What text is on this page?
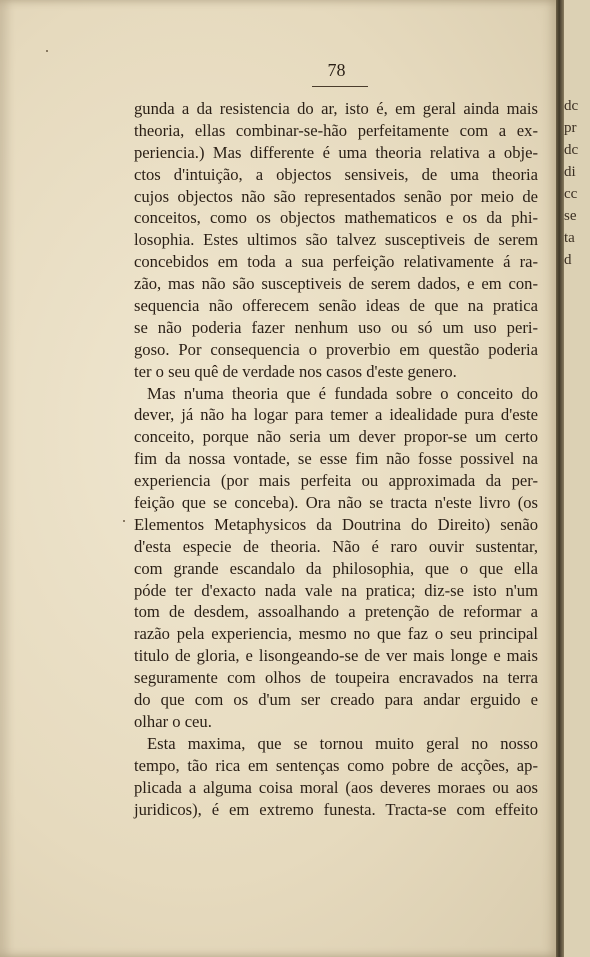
78
gunda a da resistencia do ar, isto é, em geral ainda mais
theoria, ellas combinar-se-hão perfeitamente com a ex-
periencia.) Mas differente é uma theoria relativa a obje-
ctos d'intuição, a objectos sensiveis, de uma theoria
cujos objectos não são representados senão por meio de
conceitos, como os objectos mathematicos e os da phi-
losophia. Estes ultimos são talvez susceptiveis de serem
concebidos em toda a sua perfeição relativamente á ra-
zão, mas não são susceptiveis de serem dados, e em con-
sequencia não offerecem senão ideas de que na pratica
se não poderia fazer nenhum uso ou só um uso peri-
goso. Por consequencia o proverbio em questão poderia
ter o seu quê de verdade nos casos d'este genero.
Mas n'uma theoria que é fundada sobre o conceito do
dever, já não ha logar para temer a idealidade pura d'este
conceito, porque não seria um dever propor-se um certo
fim da nossa vontade, se esse fim não fosse possivel na
experiencia (por mais perfeita ou approximada da per-
feição que se conceba). Ora não se tracta n'este livro (os
Elementos Metaphysicos da Doutrina do Direito) senão
d'esta especie de theoria. Não é raro ouvir sustentar,
com grande escandalo da philosophia, que o que ella
póde ter d'exacto nada vale na pratica; diz-se isto n'um
tom de desdem, assoalhando a pretenção de reformar a
razão pela experiencia, mesmo no que faz o seu principal
titulo de gloria, e lisongeando-se de ver mais longe e mais
seguramente com olhos de toupeira encravados na terra
do que com os d'um ser creado para andar erguido e
olhar o ceu.
Esta maxima, que se tornou muito geral no nosso
tempo, tão rica em sentenças como pobre de acções, ap-
plicada a alguma coisa moral (aos deveres moraes ou aos
juridicos), é em extremo funesta. Tracta-se com effeito
dc
pr
dc
di
cc
se
ta
d
